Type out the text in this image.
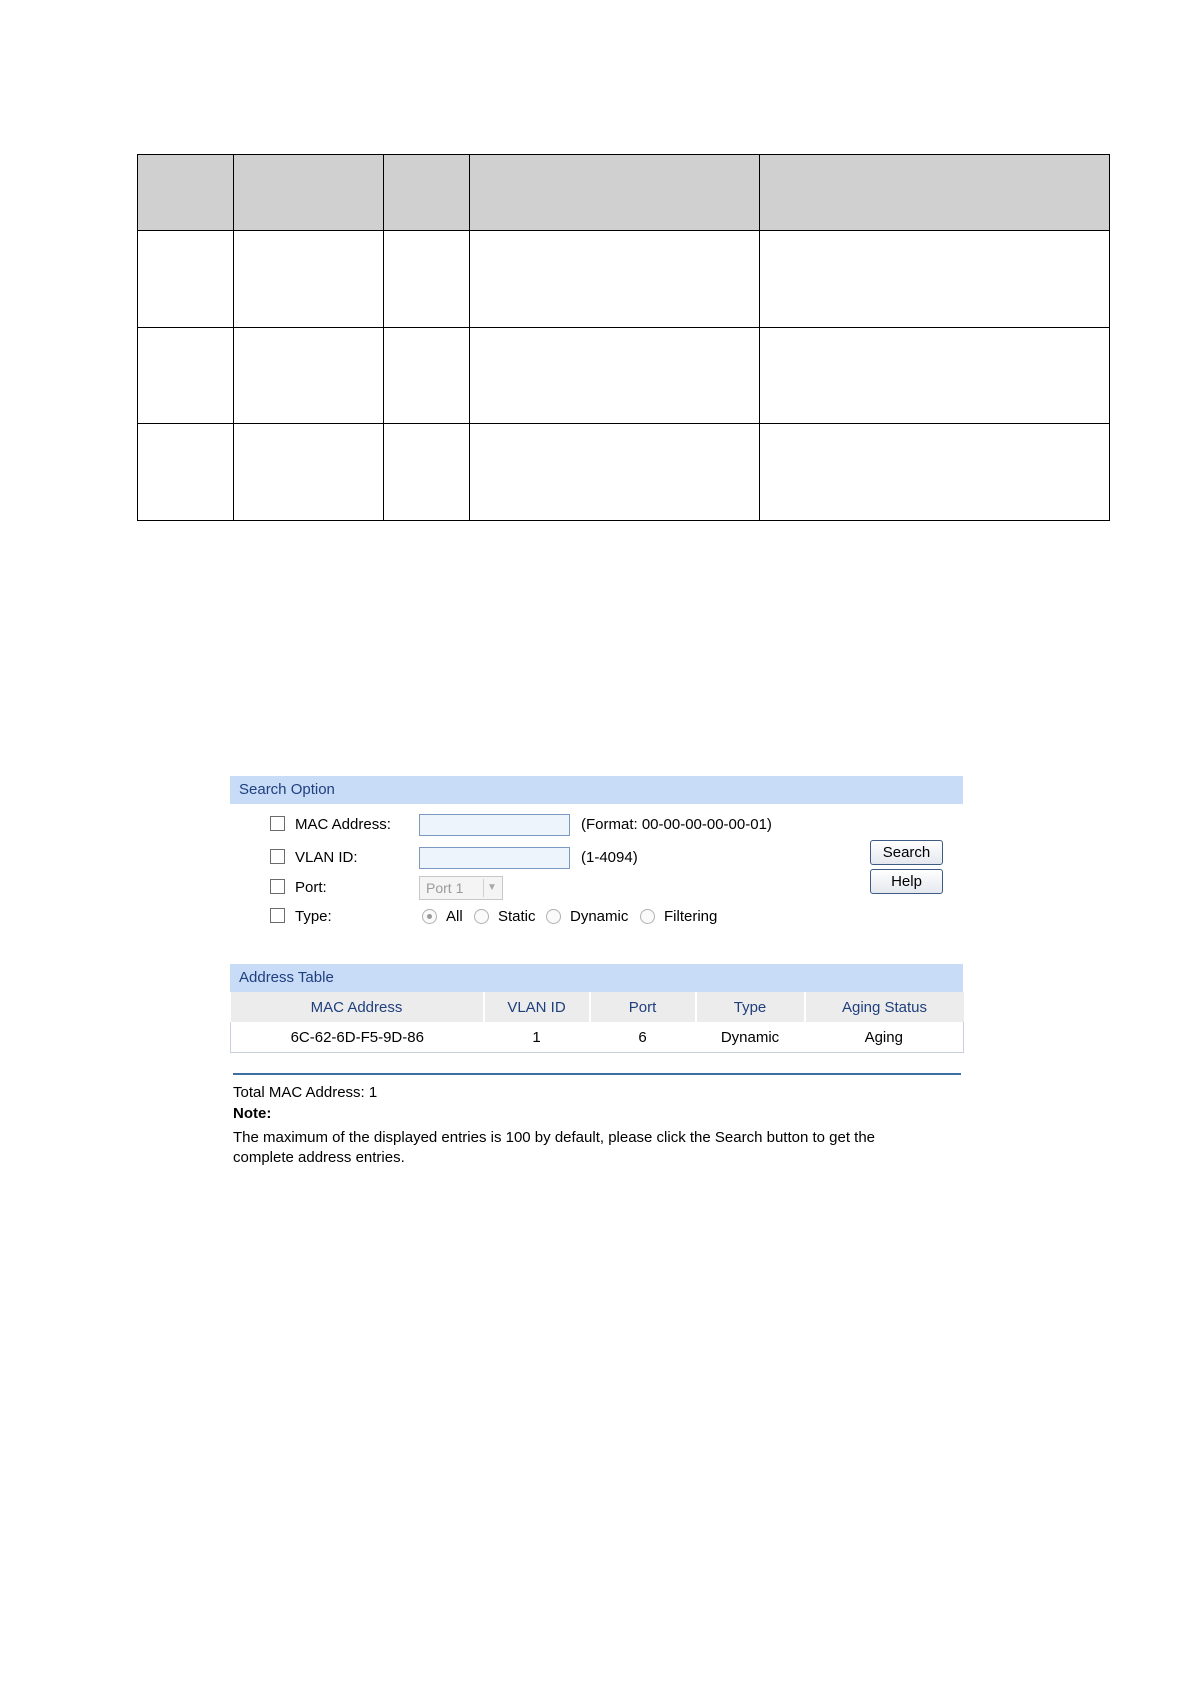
Search Option
MAC Address:	(Format: 00-00-00-00-00-01)
VLAN ID:	(1-4094)
Port:	Port 1	▼
Type:	All Static Dynamic Filtering
Search
Help
Address Table
MAC Address	VLAN ID	Port	Type	Aging Status
6C-62-6D-F5-9D-86	1	6	Dynamic	Aging
Total MAC Address: 1
Note:
The maximum of the displayed entries is 100 by default, please click the Search button to get the
complete address entries.
